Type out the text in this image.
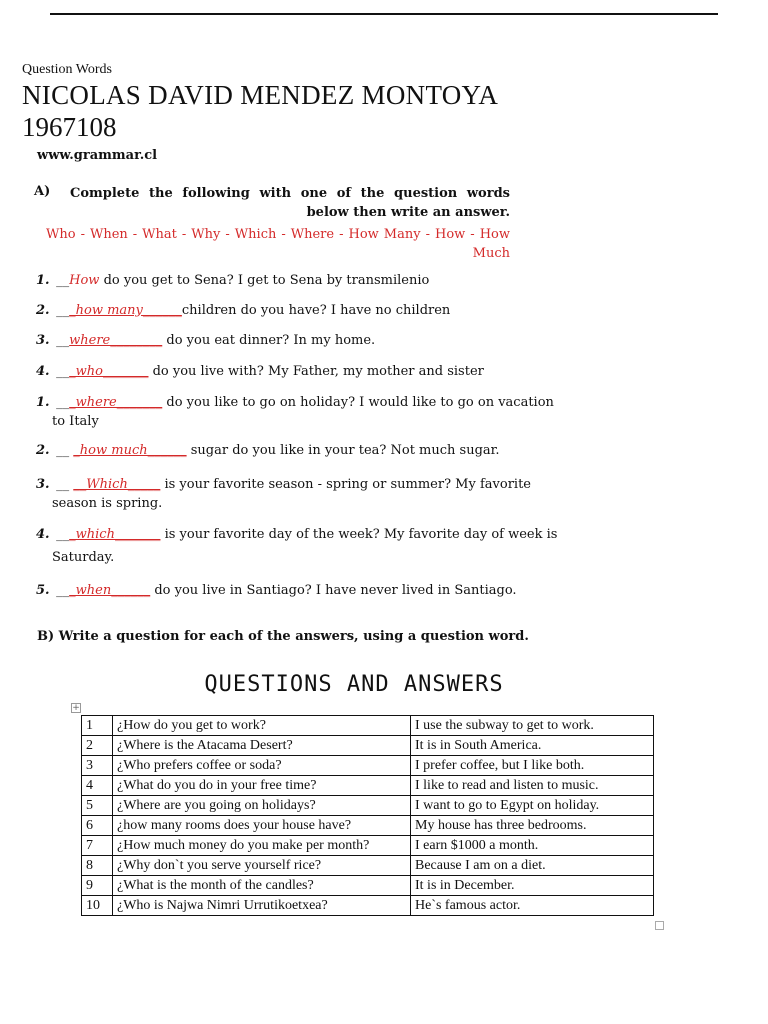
Question Words
NICOLAS DAVID MENDEZ MONTOYA
1967108
www.grammar.cl
A) Complete the following with one of the question words below then write an answer.
Who - When - What - Why - Which - Where - How Many - How - How Much
1. __How do you get to Sena? I get to Sena by transmilenio
2. ___how many______children do you have? I have no children
3. __where________ do you eat dinner? In my home.
4. ___who_______ do you live with? My Father, my mother and sister
1. ___where_______ do you like to go on holiday? I would like to go on vacation
to Italy
2. __ _how much______ sugar do you like in your tea? Not much sugar.
3. __ __Which_____ is your favorite season - spring or summer? My favorite
season is spring.
4. ___which_______ is your favorite day of the week? My favorite day of week is
Saturday.
5. ___when______ do you live in Santiago? I have never lived in Santiago.
B) Write a question for each of the answers, using a question word.
QUESTIONS AND ANSWERS
+
1	¿How do you get to work?	I use the subway to get to work.
2	¿Where is the Atacama Desert?	It is in South America.
3	¿Who prefers coffee or soda?	I prefer coffee, but I like both.
4	¿What do you do in your free time?	I like to read and listen to music.
5	¿Where are you going on holidays?	I want to go to Egypt on holiday.
6	¿how many rooms does your house have?	My house has three bedrooms.
7	¿How much money do you make per month?	I earn $1000 a month.
8	¿Why don`t you serve yourself rice?	Because I am on a diet.
9	¿What is the month of the candles?	It is in December.
10	¿Who is Najwa Nimri Urrutikoetxea?	He`s famous actor.
